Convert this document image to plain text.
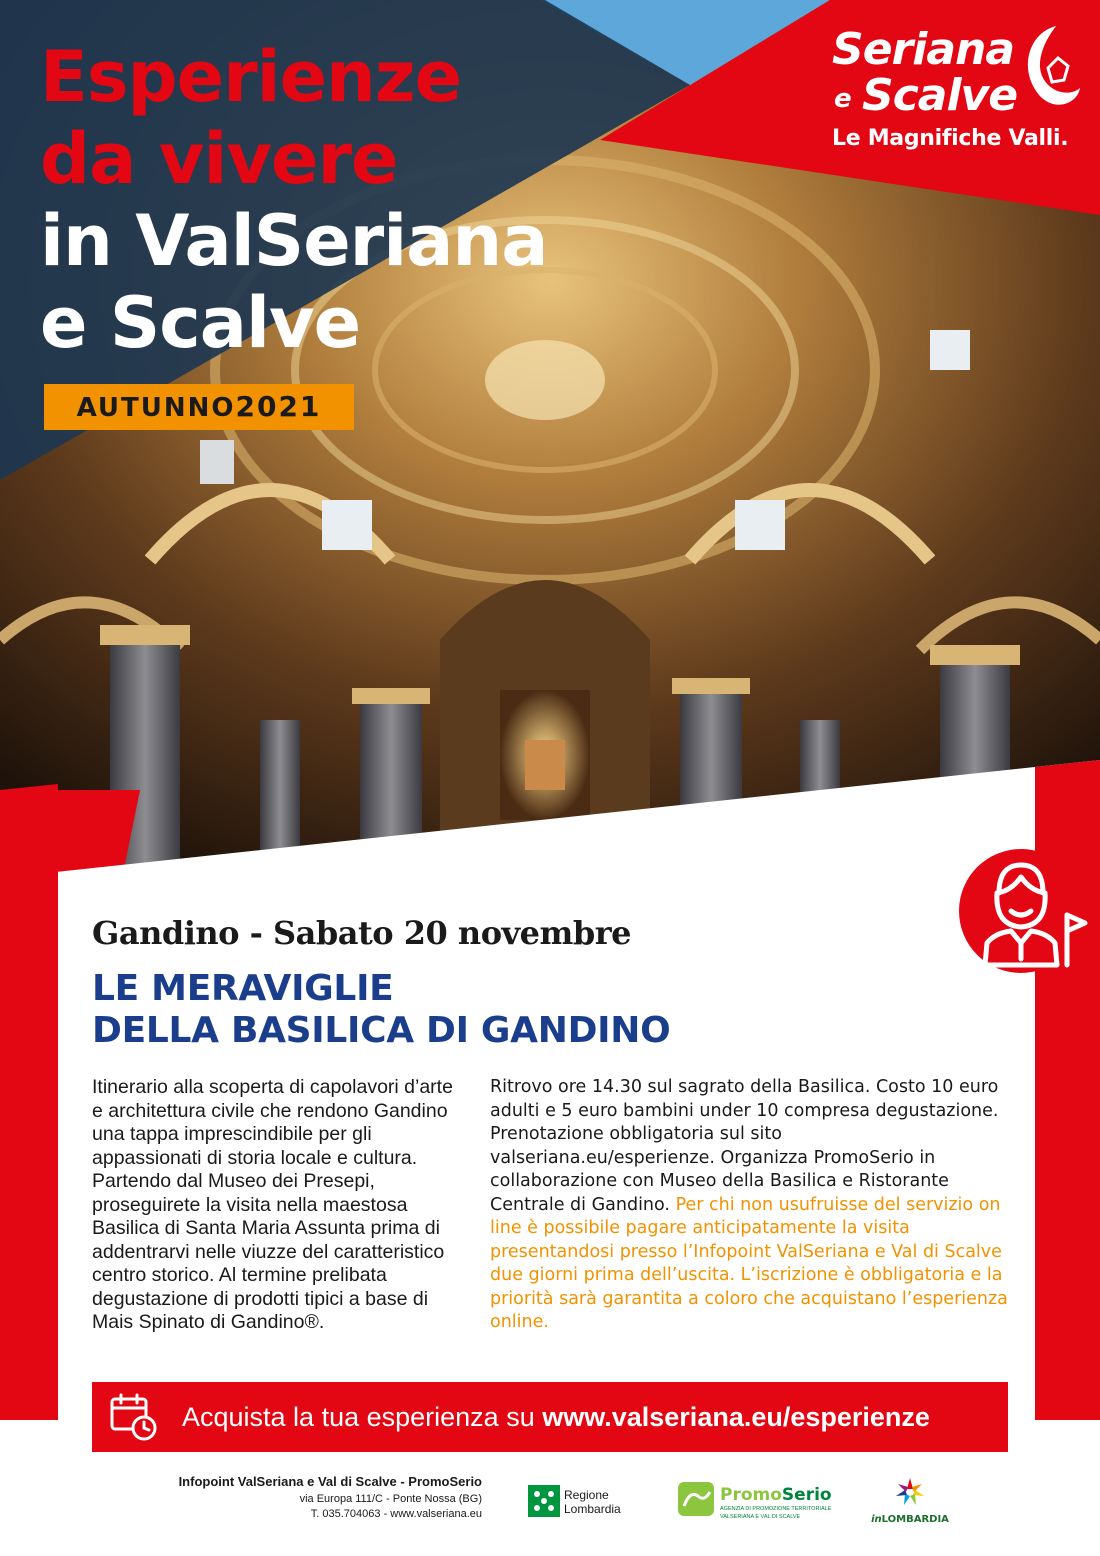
Seriana
e Scalve
Le Magnifiche Valli.
Esperienze
da vivere
in ValSeriana
e Scalve
AUTUNNO2021
Gandino - Sabato 20 novembre
LE MERAVIGLIE
DELLA BASILICA DI GANDINO
Itinerario alla scoperta di capolavori d’arte e architettura civile che rendono Gandino una tappa imprescindibile per gli appassionati di storia locale e cultura. Partendo dal Museo dei Presepi, proseguirete la visita nella maestosa Basilica di Santa Maria Assunta prima di addentrarvi nelle viuzze del caratteristico centro storico. Al termine prelibata degustazione di prodotti tipici a base di Mais Spinato di Gandino®.
Ritrovo ore 14.30 sul sagrato della Basilica. Costo 10 euro adulti e 5 euro bambini under 10 compresa degustazione. Prenotazione obbligatoria sul sito valseriana.eu/esperienze. Organizza PromoSerio in collaborazione con Museo della Basilica e Ristorante Centrale di Gandino. Per chi non usufruisse del servizio on line è possibile pagare anticipatamente la visita presentandosi presso l’Infopoint ValSeriana e Val di Scalve due giorni prima dell’uscita. L’iscrizione è obbligatoria e la priorità sarà garantita a coloro che acquistano l’esperienza online.
Acquista la tua esperienza su www.valseriana.eu/esperienze
Infopoint ValSeriana e Val di Scalve - PromoSerio
via Europa 111/C - Ponte Nossa (BG)
T. 035.704063 - www.valseriana.eu
Regione
Lombardia
PromoSerio
AGENZIA DI PROMOZIONE TERRITORIALE
VALSERIANA E VAL DI SCALVE	inLOMBARDIA
